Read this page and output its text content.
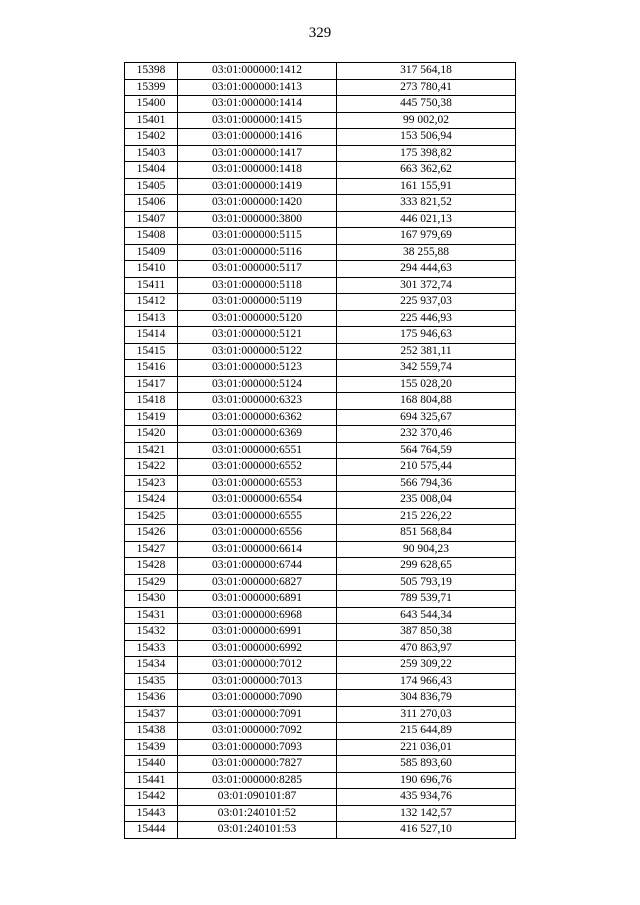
329
15398	03:01:000000:1412	317 564,18
15399	03:01:000000:1413	273 780,41
15400	03:01:000000:1414	445 750,38
15401	03:01:000000:1415	99 002,02
15402	03:01:000000:1416	153 506,94
15403	03:01:000000:1417	175 398,82
15404	03:01:000000:1418	663 362,62
15405	03:01:000000:1419	161 155,91
15406	03:01:000000:1420	333 821,52
15407	03:01:000000:3800	446 021,13
15408	03:01:000000:5115	167 979,69
15409	03:01:000000:5116	38 255,88
15410	03:01:000000:5117	294 444,63
15411	03:01:000000:5118	301 372,74
15412	03:01:000000:5119	225 937,03
15413	03:01:000000:5120	225 446,93
15414	03:01:000000:5121	175 946,63
15415	03:01:000000:5122	252 381,11
15416	03:01:000000:5123	342 559,74
15417	03:01:000000:5124	155 028,20
15418	03:01:000000:6323	168 804,88
15419	03:01:000000:6362	694 325,67
15420	03:01:000000:6369	232 370,46
15421	03:01:000000:6551	564 764,59
15422	03:01:000000:6552	210 575,44
15423	03:01:000000:6553	566 794,36
15424	03:01:000000:6554	235 008,04
15425	03:01:000000:6555	215 226,22
15426	03:01:000000:6556	851 568,84
15427	03:01:000000:6614	90 904,23
15428	03:01:000000:6744	299 628,65
15429	03:01:000000:6827	505 793,19
15430	03:01:000000:6891	789 539,71
15431	03:01:000000:6968	643 544,34
15432	03:01:000000:6991	387 850,38
15433	03:01:000000:6992	470 863,97
15434	03:01:000000:7012	259 309,22
15435	03:01:000000:7013	174 966,43
15436	03:01:000000:7090	304 836,79
15437	03:01:000000:7091	311 270,03
15438	03:01:000000:7092	215 644,89
15439	03:01:000000:7093	221 036,01
15440	03:01:000000:7827	585 893,60
15441	03:01:000000:8285	190 696,76
15442	03:01:090101:87	435 934,76
15443	03:01:240101:52	132 142,57
15444	03:01:240101:53	416 527,10
